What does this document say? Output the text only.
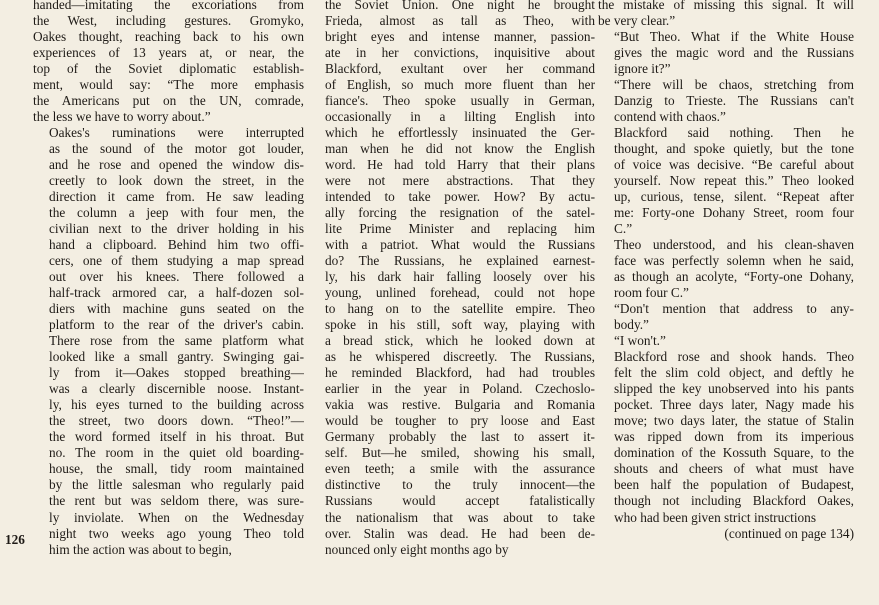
126

handed—imitating the excoriations from
the West, including gestures. Gromyko,
Oakes thought, reaching back to his own
experiences of 13 years at, or near, the
top of the Soviet diplomatic establish-
ment, would say: “The more emphasis
the Americans put on the UN, comrade,
the less we have to worry about.”

Oakes's ruminations were interrupted
as the sound of the motor got louder,
and he rose and opened the window dis-
creetly to look down the street, in the
direction it came from. He saw leading
the column a jeep with four men, the
civilian next to the driver holding in his
hand a clipboard. Behind him two offi-
cers, one of them studying a map spread
out over his knees. There followed a
half-track armored car, a half-dozen sol-
diers with machine guns seated on the
platform to the rear of the driver's cabin.
There rose from the same platform what
looked like a small gantry. Swinging gai-
ly from it—Oakes stopped breathing—
was a clearly discernible noose. Instant-
ly, his eyes turned to the building across
the street, two doors down. “Theo!”—
the word formed itself in his throat. But
no. The room in the quiet old boarding-
house, the small, tidy room maintained
by the little salesman who regularly paid
the rent but was seldom there, was sure-
ly inviolate. When on the Wednesday
night two weeks ago young Theo told
him the action was about to begin,

the Soviet Union. One night he brought
Frieda, almost as tall as Theo, with
bright eyes and intense manner, passion-
ate in her convictions, inquisitive about
Blackford, exultant over her command
of English, so much more fluent than her
fiance's. Theo spoke usually in German,
occasionally in a lilting English into
which he effortlessly insinuated the Ger-
man when he did not know the English
word. He had told Harry that their plans
were not mere abstractions. That they
intended to take power. How? By actu-
ally forcing the resignation of the satel-
lite Prime Minister and replacing him
with a patriot. What would the Russians
do? The Russians, he explained earnest-
ly, his dark hair falling loosely over his
young, unlined forehead, could not hope
to hang on to the satellite empire. Theo
spoke in his still, soft way, playing with
a bread stick, which he looked down at
as he whispered discreetly. The Russians,
he reminded Blackford, had had troubles
earlier in the year in Poland. Czechoslo-
vakia was restive. Bulgaria and Romania
would be tougher to pry loose and East
Germany probably the last to assert it-
self. But—he smiled, showing his small,
even teeth; a smile with the assurance
distinctive to the truly innocent—the
Russians would accept fatalistically
the nationalism that was about to take
over. Stalin was dead. He had been de-
nounced only eight months ago by

the mistake of missing this signal. It will
be very clear.”

“But Theo. What if the White House
gives the magic word and the Russians
ignore it?”

“There will be chaos, stretching from
Danzig to Trieste. The Russians can't
contend with chaos.”

Blackford said nothing. Then he
thought, and spoke quietly, but the tone
of voice was decisive. “Be careful about
yourself. Now repeat this.” Theo looked
up, curious, tense, silent. “Repeat after
me: Forty-one Dohany Street, room four
C.”

Theo understood, and his clean-shaven
face was perfectly solemn when he said,
as though an acolyte, “Forty-one Dohany,
room four C.”

“Don't mention that address to any-
body.”

“I won't.”

Blackford rose and shook hands. Theo
felt the slim cold object, and deftly he
slipped the key unobserved into his pants
pocket. Three days later, Nagy made his
move; two days later, the statue of Stalin
was ripped down from its imperious
domination of the Kossuth Square, to the
shouts and cheers of what must have
been half the population of Budapest,
though not including Blackford Oakes,
who had been given strict instructions

(continued on page 134)
